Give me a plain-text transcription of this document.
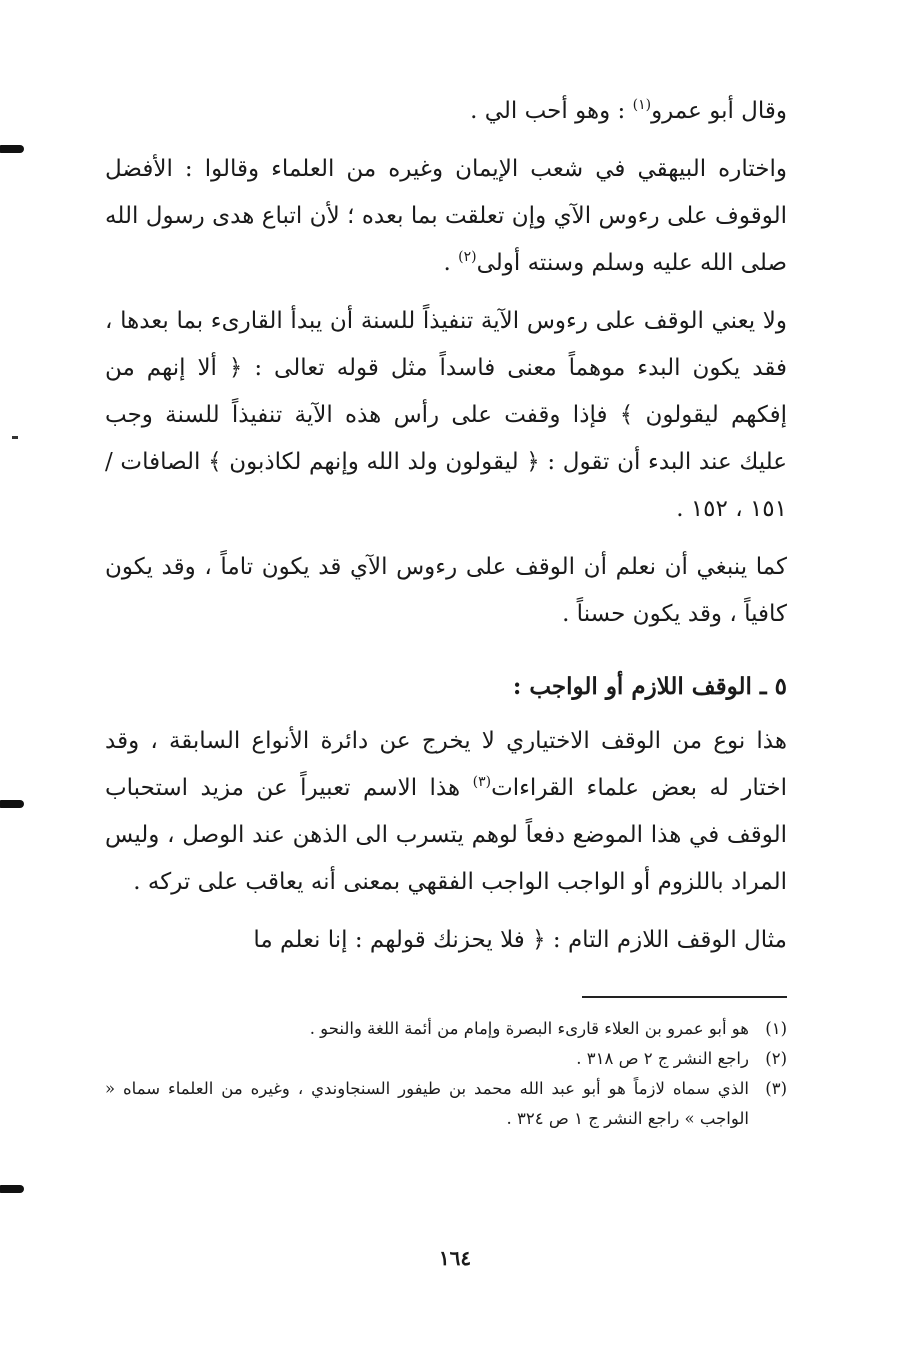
وقال أبو عمرو$^{(١)}$ : وهو أحب الي .

واختاره البيهقي في شعب الإيمان وغيره من العلماء وقالوا : الأفضل الوقوف على رءوس الآي وإن تعلقت بما بعده ؛ لأن اتباع هدى رسول الله صلى الله عليه وسلم وسنته أولى$^{(٢)}$ .

ولا يعني الوقف على رءوس الآية تنفيذاً للسنة أن يبدأ القارىء بما بعدها ، فقد يكون البدء موهماً معنى فاسداً مثل قوله تعالى : ﴿ ألا إنهم من إفكهم ليقولون ﴾ فإذا وقفت على رأس هذه الآية تنفيذاً للسنة وجب عليك عند البدء أن تقول : ﴿ ليقولون ولد الله وإنهم لكاذبون ﴾ الصافات / ١٥١ ، ١٥٢ .

كما ينبغي أن نعلم أن الوقف على رءوس الآي قد يكون تاماً ، وقد يكون كافياً ، وقد يكون حسناً .

٥ ـ الوقف اللازم أو الواجب :

هذا نوع من الوقف الاختياري لا يخرج عن دائرة الأنواع السابقة ، وقد اختار له بعض علماء القراءات$^{(٣)}$ هذا الاسم تعبيراً عن مزيد استحباب الوقف في هذا الموضع دفعاً لوهم يتسرب الى الذهن عند الوصل ، وليس المراد باللزوم أو الواجب الواجب الفقهي بمعنى أنه يعاقب على تركه .

مثال الوقف اللازم التام : ﴿ فلا يحزنك قولهم : إنا نعلم ما

(١)
هو أبو عمرو بن العلاء قارىء البصرة وإمام من أئمة اللغة والنحو .
(٢)
راجع النشر ج ٢ ص ٣١٨ .
(٣)
الذي سماه لازماً هو أبو عبد الله محمد بن طيفور السنجاوندي ، وغيره من العلماء سماه « الواجب » راجع النشر ج ١ ص ٣٢٤ .
١٦٤
